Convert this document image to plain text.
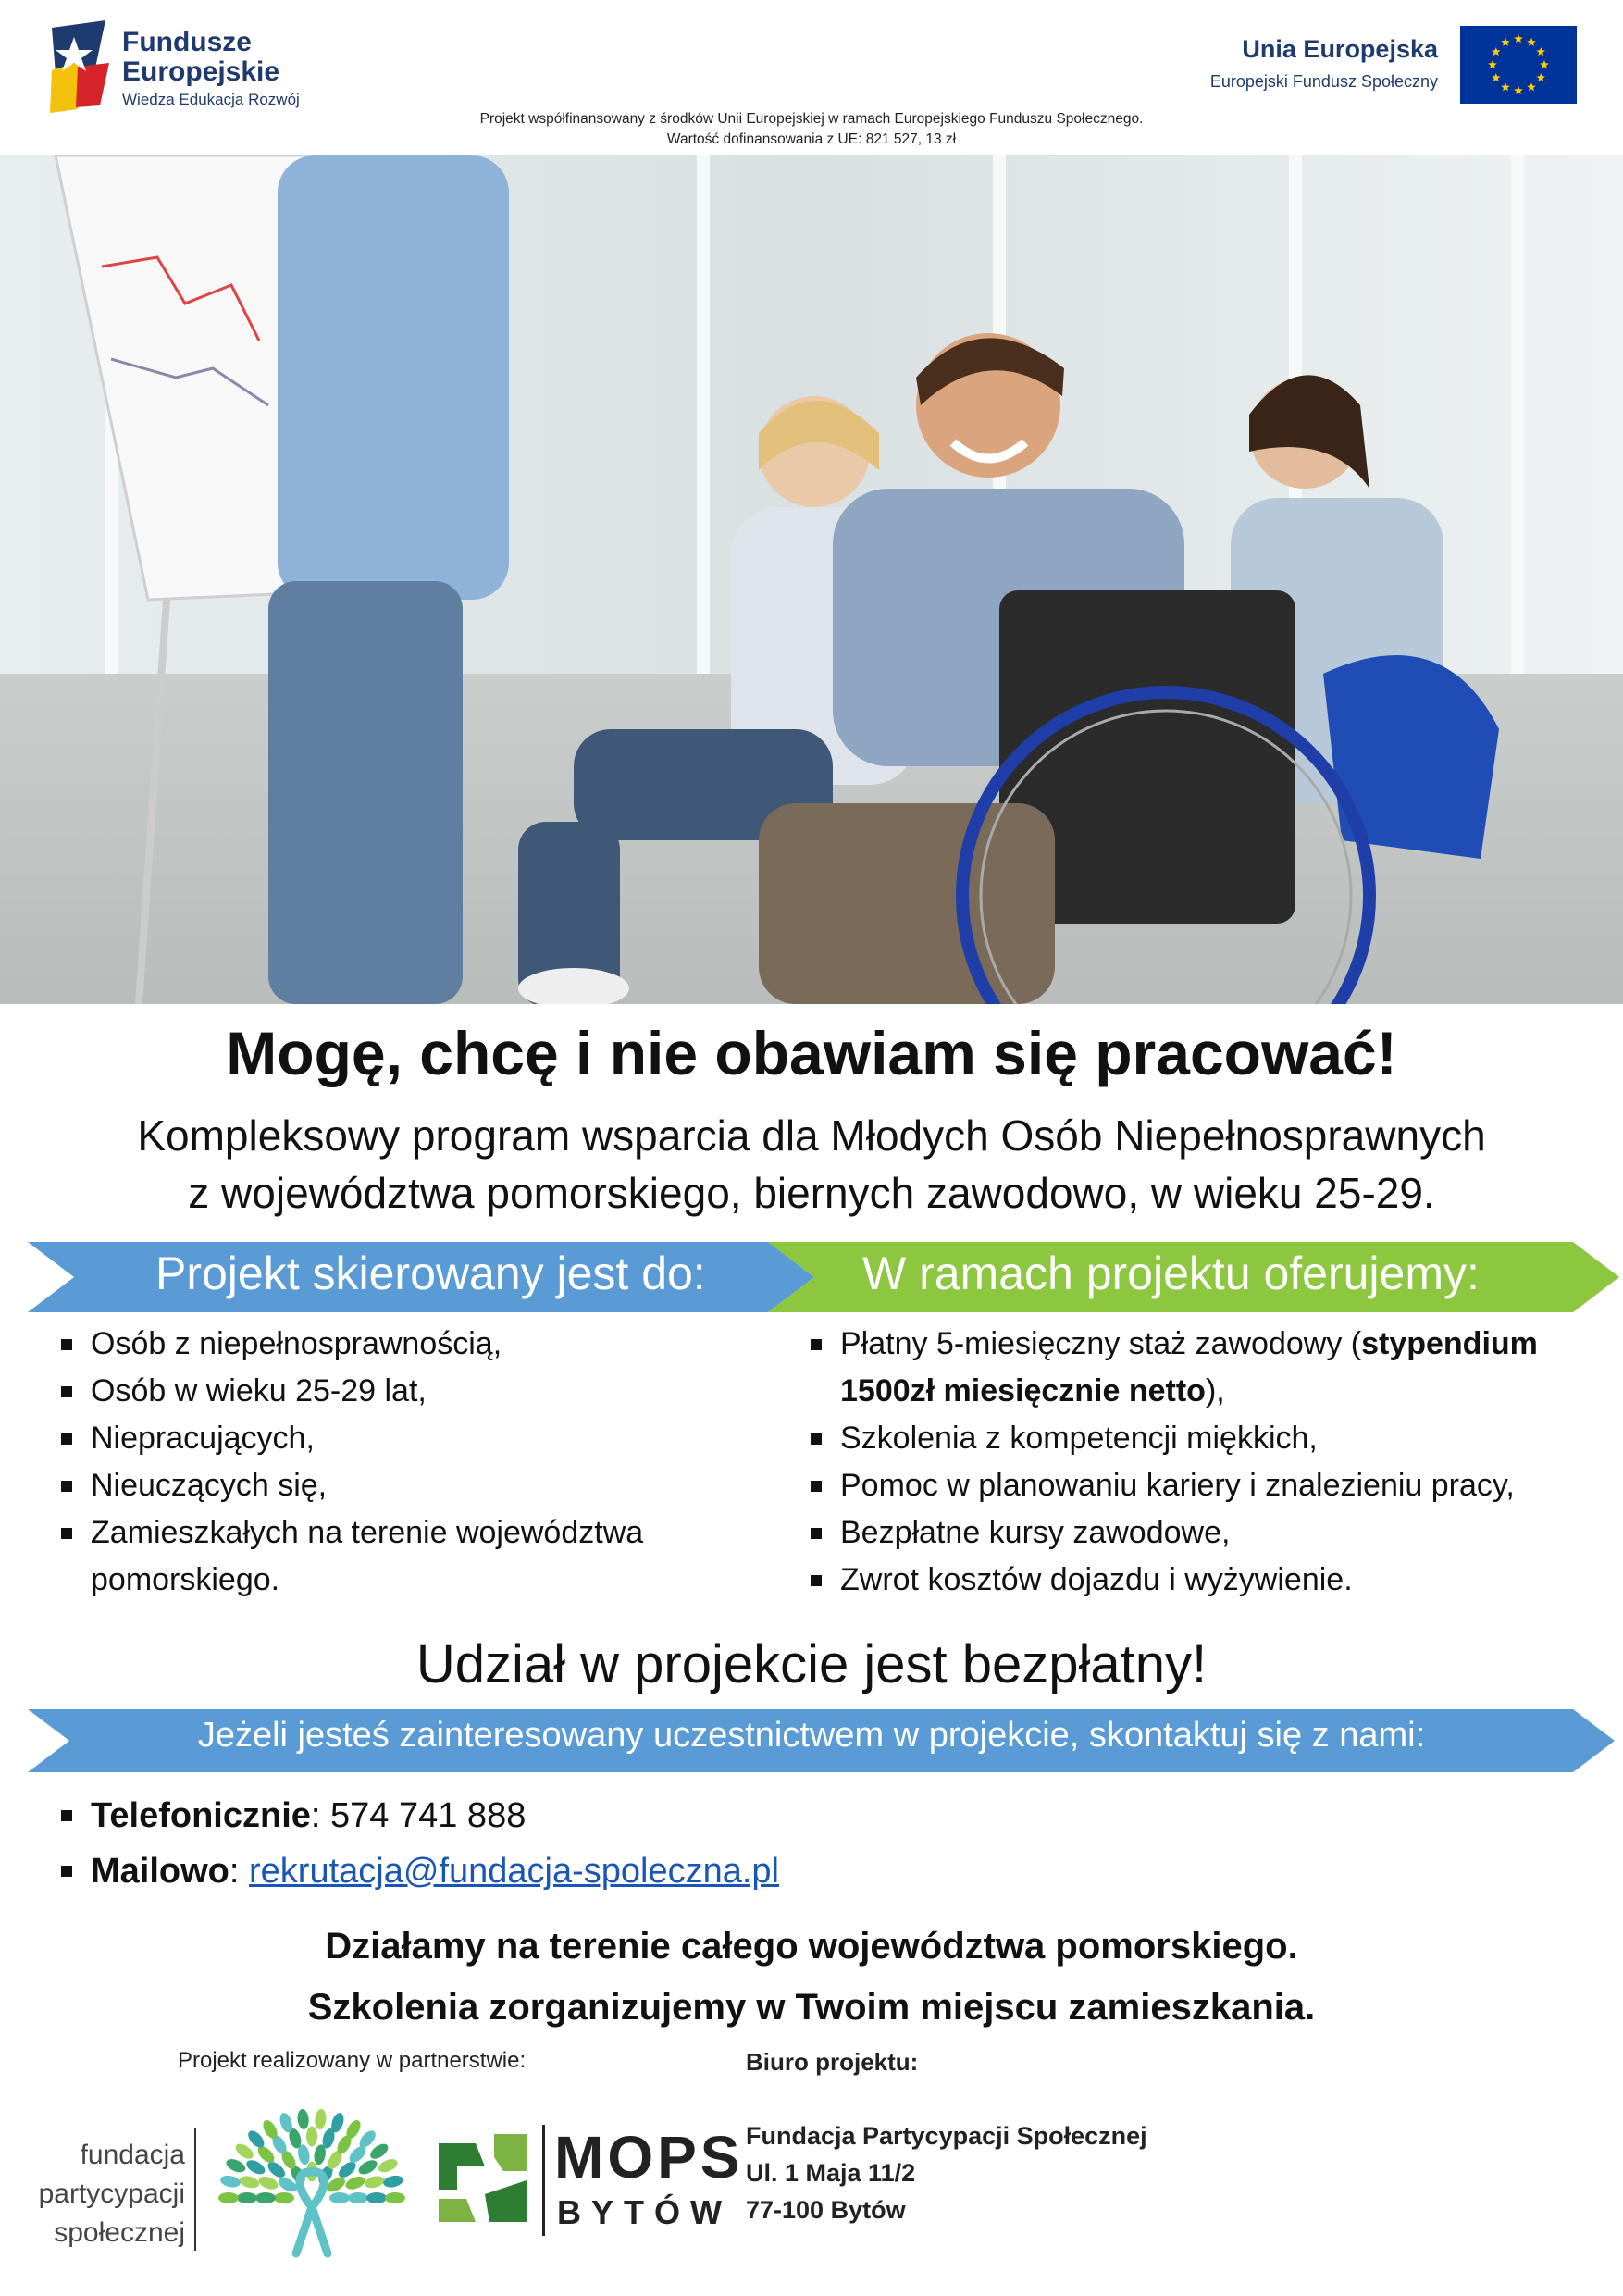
Fundusze
Europejskie
Wiedza Edukacja Rozwój
Unia Europejska
Europejski Fundusz Społeczny
Projekt współfinansowany z środków Unii Europejskiej w ramach Europejskiego Funduszu Społecznego.
Wartość dofinansowania z UE: 821 527, 13 zł
Mogę, chcę i nie obawiam się pracować!
Kompleksowy program wsparcia dla Młodych Osób Niepełnosprawnych
z województwa pomorskiego, biernych zawodowo, w wieku 25-29.
Projekt skierowany jest do:	W ramach projektu oferujemy:
Osób z niepełnosprawnością,
Osób w wieku 25-29 lat,
Niepracujących,
Nieuczących się,
Zamieszkałych na terenie województwa pomorskiego.
Płatny 5-miesięczny staż zawodowy (stypendium 1500zł miesięcznie netto),
Szkolenia z kompetencji miękkich,
Pomoc w planowaniu kariery i znalezieniu pracy,
Bezpłatne kursy zawodowe,
Zwrot kosztów dojazdu i wyżywienie.
Udział w projekcie jest bezpłatny!
Jeżeli jesteś zainteresowany uczestnictwem w projekcie, skontaktuj się z nami:
Telefonicznie: 574 741 888
Mailowo: rekrutacja@fundacja-spoleczna.pl
Działamy na terenie całego województwa pomorskiego.
Szkolenia zorganizujemy w Twoim miejscu zamieszkania.
Projekt realizowany w partnerstwie:	Biuro projektu:
fundacja
partycypacji
społecznej
MOPS
BYTÓW
Fundacja Partycypacji Społecznej
Ul. 1 Maja 11/2
77-100 Bytów
